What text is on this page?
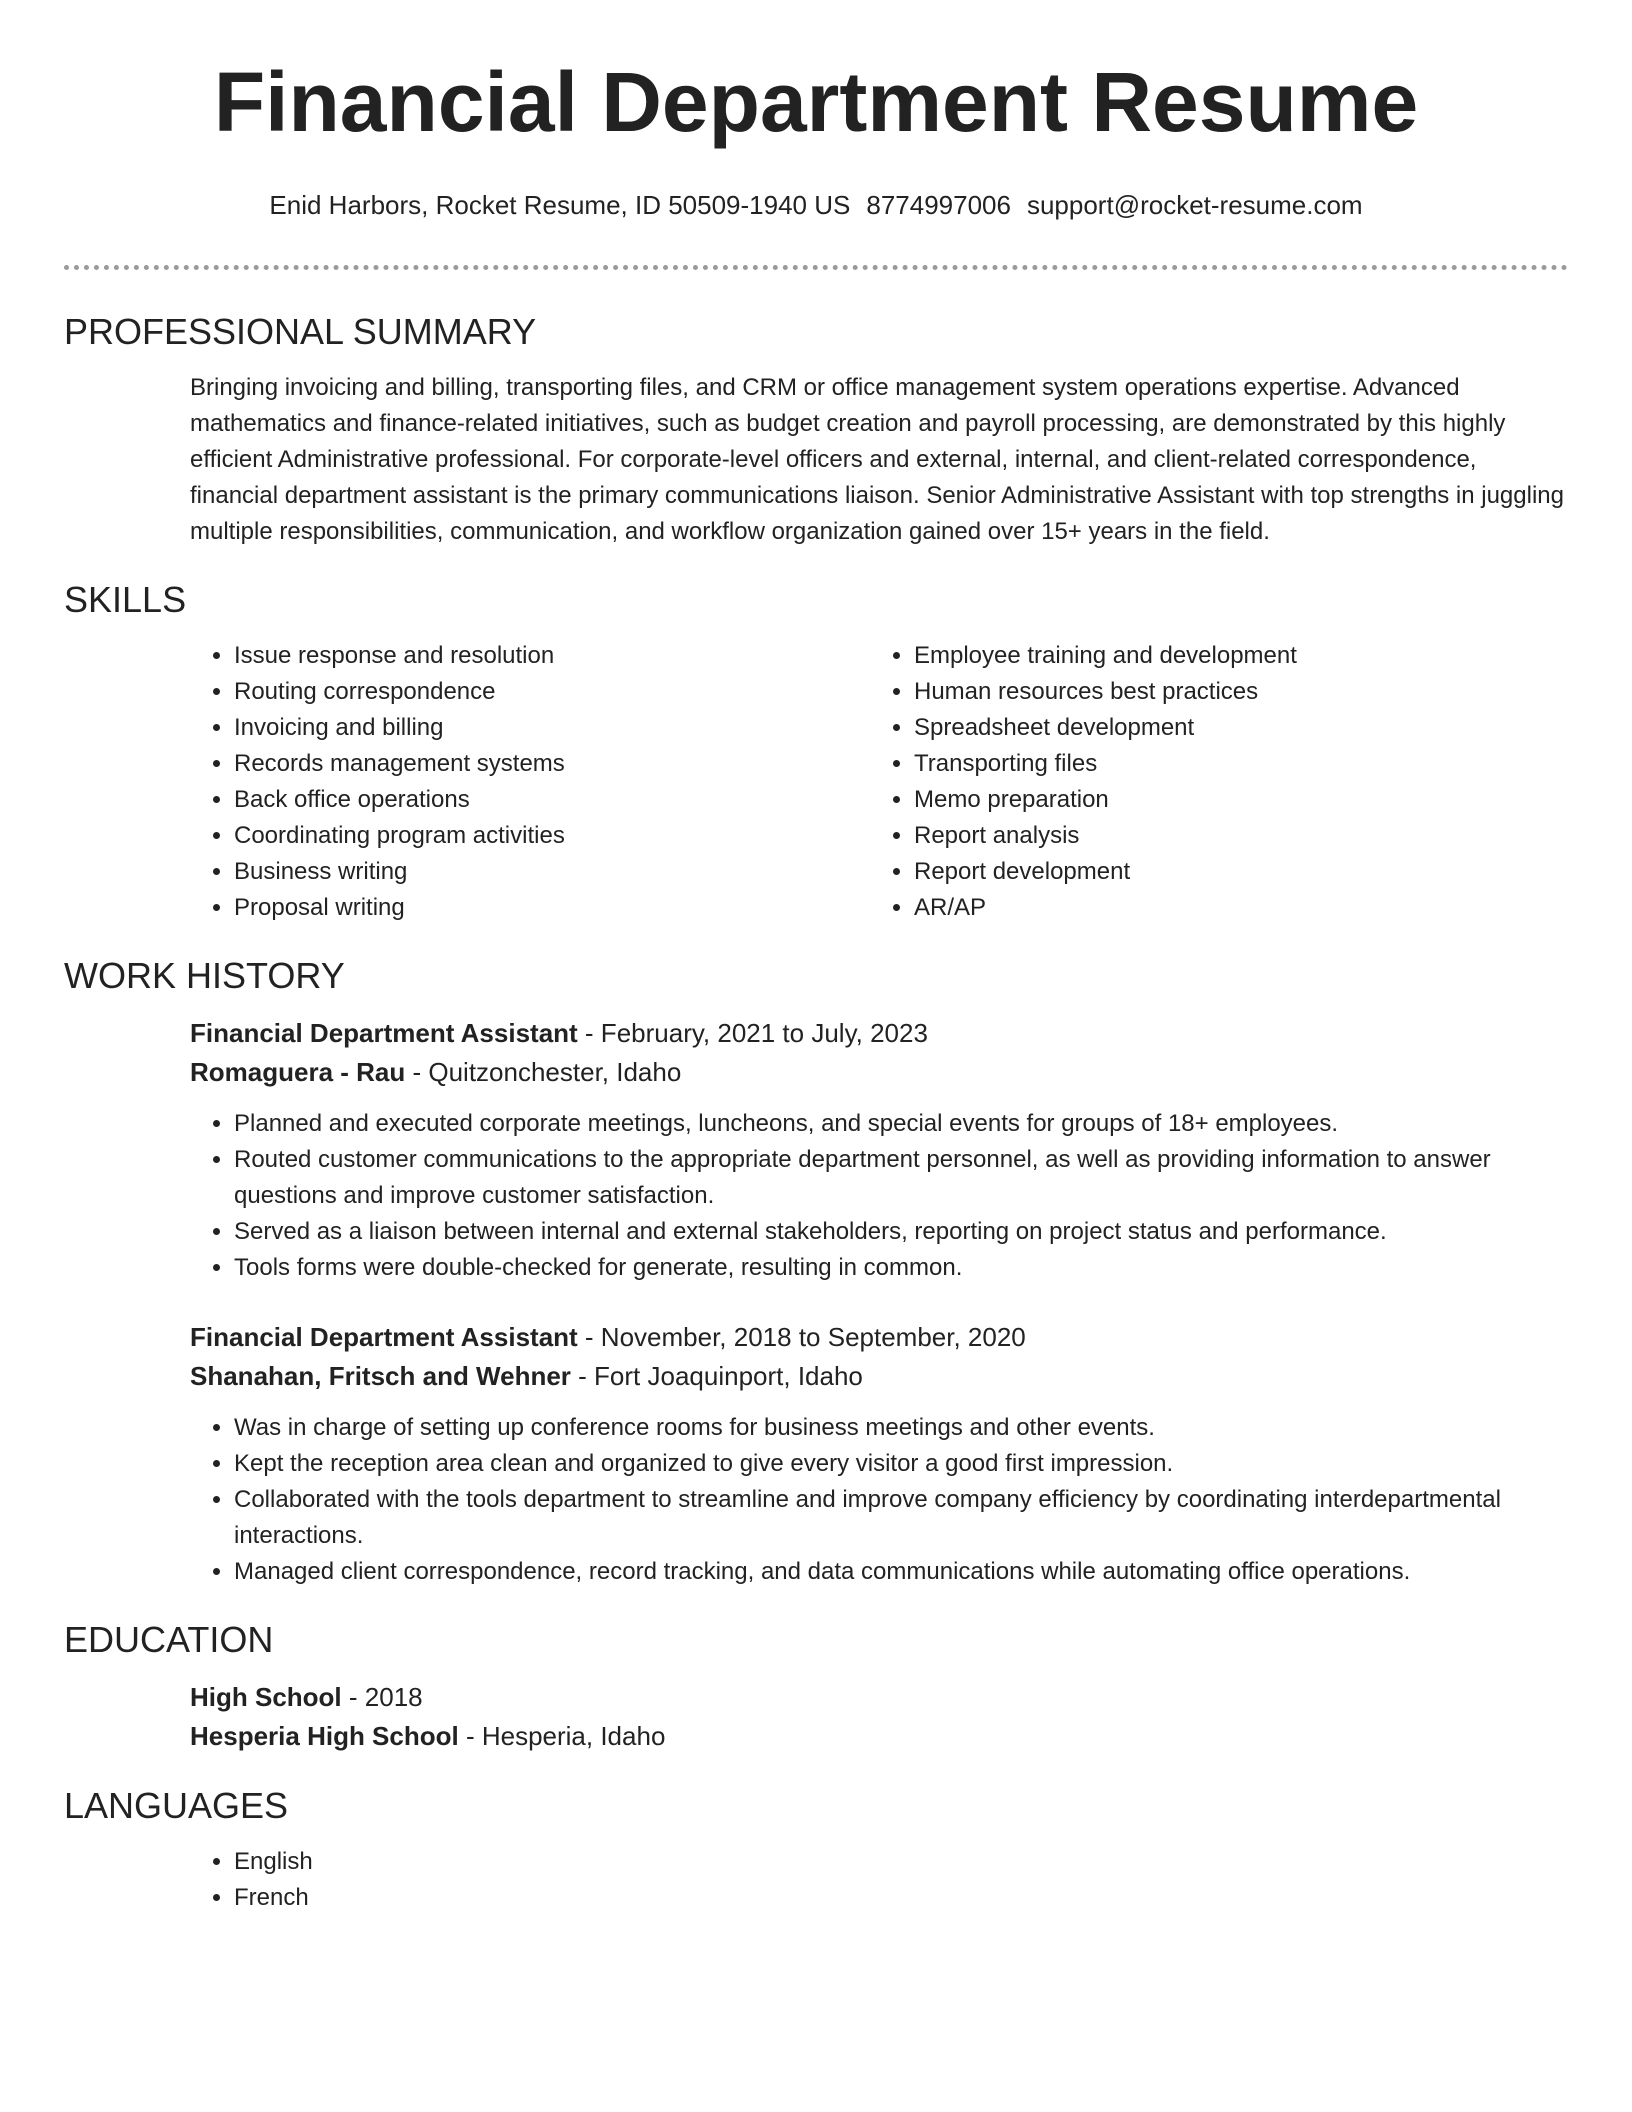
Financial Department Resume
Enid Harbors, Rocket Resume, ID 50509-1940 US 8774997006 support@rocket-resume.com
PROFESSIONAL SUMMARY

Bringing invoicing and billing, transporting files, and CRM or office management system operations expertise. Advanced mathematics and finance-related initiatives, such as budget creation and payroll processing, are demonstrated by this highly efficient Administrative professional. For corporate-level officers and external, internal, and client-related correspondence, financial department assistant is the primary communications liaison. Senior Administrative Assistant with top strengths in juggling multiple responsibilities, communication, and workflow organization gained over 15+ years in the field.

SKILLS
• Issue response and resolution
• Routing correspondence
• Invoicing and billing
• Records management systems
• Back office operations
• Coordinating program activities
• Business writing
• Proposal writing
• Employee training and development
• Human resources best practices
• Spreadsheet development
• Transporting files
• Memo preparation
• Report analysis
• Report development
• AR/AP
WORK HISTORY
Financial Department Assistant - February, 2021 to July, 2023
Romaguera - Rau - Quitzonchester, Idaho
• Planned and executed corporate meetings, luncheons, and special events for groups of 18+ employees.
• Routed customer communications to the appropriate department personnel, as well as providing information to answer questions and improve customer satisfaction.
• Served as a liaison between internal and external stakeholders, reporting on project status and performance.
• Tools forms were double-checked for generate, resulting in common.
Financial Department Assistant - November, 2018 to September, 2020
Shanahan, Fritsch and Wehner - Fort Joaquinport, Idaho
• Was in charge of setting up conference rooms for business meetings and other events.
• Kept the reception area clean and organized to give every visitor a good first impression.
• Collaborated with the tools department to streamline and improve company efficiency by coordinating interdepartmental interactions.
• Managed client correspondence, record tracking, and data communications while automating office operations.
EDUCATION
High School - 2018
Hesperia High School - Hesperia, Idaho
LANGUAGES
• English
• French
